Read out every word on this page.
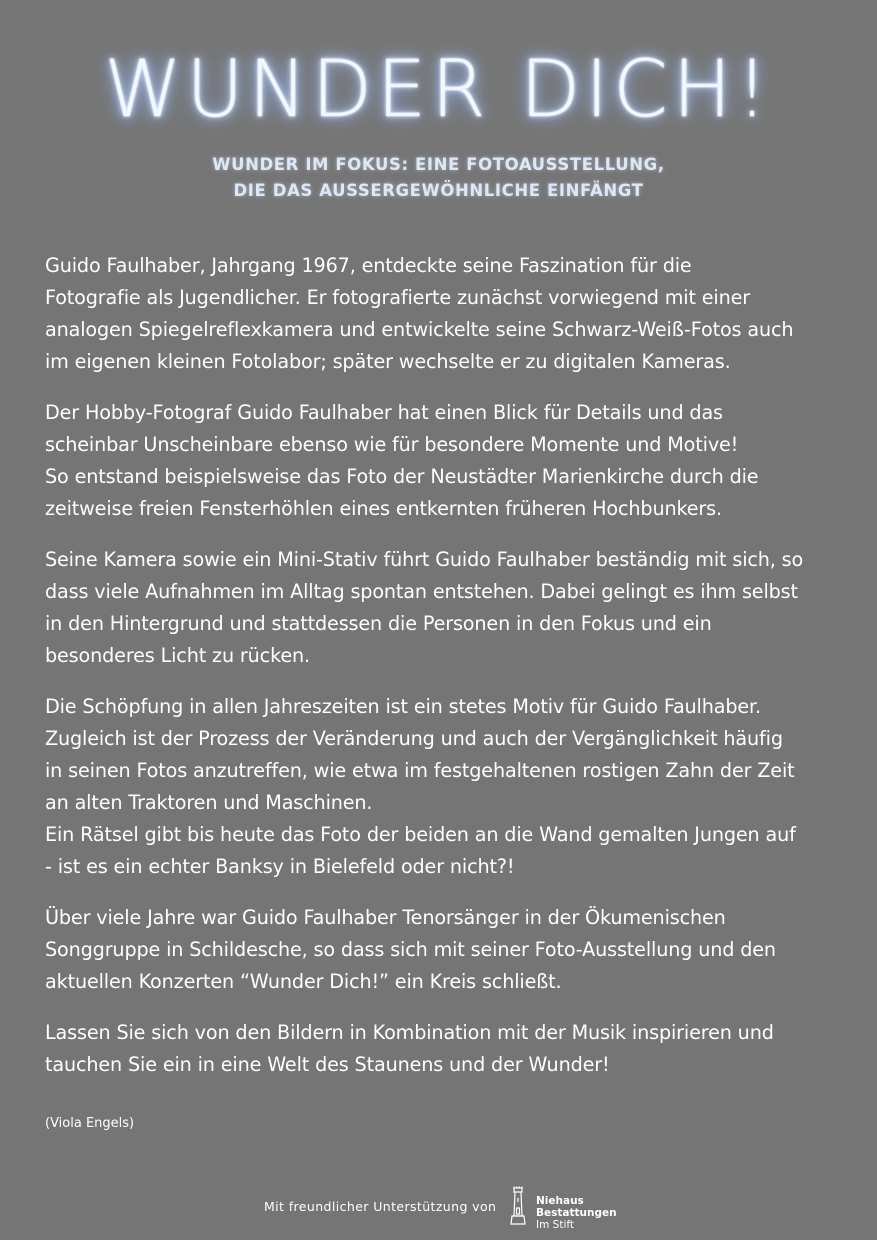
WUNDER DICH!
WUNDER IM FOKUS: EINE FOTOAUSSTELLUNG,
DIE DAS AUSSERGEWÖHNLICHE EINFÄNGT

Guido Faulhaber, Jahrgang 1967, entdeckte seine Faszination für die
Fotografie als Jugendlicher. Er fotografierte zunächst vorwiegend mit einer
analogen Spiegelreflexkamera und entwickelte seine Schwarz-Weiß-Fotos auch
im eigenen kleinen Fotolabor; später wechselte er zu digitalen Kameras.

Der Hobby-Fotograf Guido Faulhaber hat einen Blick für Details und das
scheinbar Unscheinbare ebenso wie für besondere Momente und Motive!
So entstand beispielsweise das Foto der Neustädter Marienkirche durch die
zeitweise freien Fensterhöhlen eines entkernten früheren Hochbunkers.

Seine Kamera sowie ein Mini-Stativ führt Guido Faulhaber beständig mit sich, so
dass viele Aufnahmen im Alltag spontan entstehen. Dabei gelingt es ihm selbst
in den Hintergrund und stattdessen die Personen in den Fokus und ein
besonderes Licht zu rücken.

Die Schöpfung in allen Jahreszeiten ist ein stetes Motiv für Guido Faulhaber.
Zugleich ist der Prozess der Veränderung und auch der Vergänglichkeit häufig
in seinen Fotos anzutreffen, wie etwa im festgehaltenen rostigen Zahn der Zeit
an alten Traktoren und Maschinen.
Ein Rätsel gibt bis heute das Foto der beiden an die Wand gemalten Jungen auf
- ist es ein echter Banksy in Bielefeld oder nicht?!

Über viele Jahre war Guido Faulhaber Tenorsänger in der Ökumenischen
Songgruppe in Schildesche, so dass sich mit seiner Foto-Ausstellung und den
aktuellen Konzerten “Wunder Dich!” ein Kreis schließt.

Lassen Sie sich von den Bildern in Kombination mit der Musik inspirieren und
tauchen Sie ein in eine Welt des Staunens und der Wunder!

(Viola Engels)
Mit freundlicher Unterstützung von	Niehaus
Bestattungen
Im Stift
